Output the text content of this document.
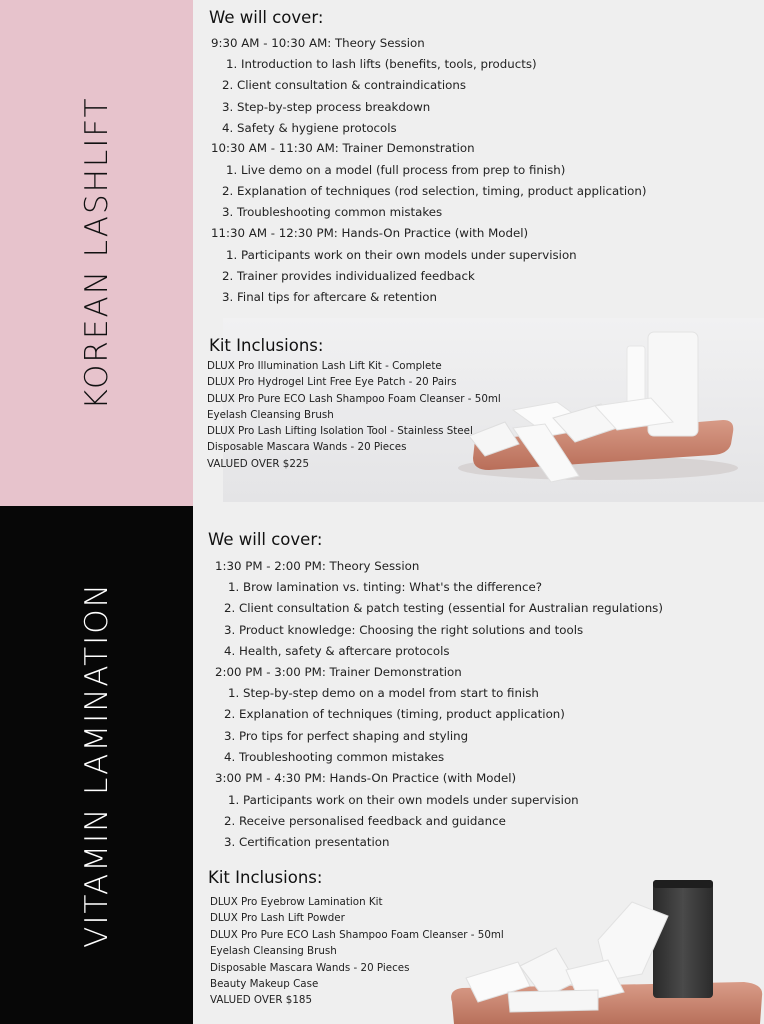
KOREAN LASHLIFT
VITAMIN LAMINATION
We will cover:
9:30 AM - 10:30 AM: Theory Session
1. Introduction to lash lifts (benefits, tools, products)
2. Client consultation & contraindications
3. Step-by-step process breakdown
4. Safety & hygiene protocols
10:30 AM - 11:30 AM: Trainer Demonstration
1. Live demo on a model (full process from prep to finish)
2. Explanation of techniques (rod selection, timing, product application)
3. Troubleshooting common mistakes
11:30 AM - 12:30 PM: Hands-On Practice (with Model)
1. Participants work on their own models under supervision
2. Trainer provides individualized feedback
3. Final tips for aftercare & retention
Kit Inclusions:
DLUX Pro Illumination Lash Lift Kit - Complete
DLUX Pro Hydrogel Lint Free Eye Patch - 20 Pairs
DLUX Pro Pure ECO Lash Shampoo Foam Cleanser - 50ml
Eyelash Cleansing Brush
DLUX Pro Lash Lifting Isolation Tool - Stainless Steel
Disposable Mascara Wands - 20 Pieces
VALUED OVER $225
We will cover:
1:30 PM - 2:00 PM: Theory Session
1. Brow lamination vs. tinting: What's the difference?
2. Client consultation & patch testing (essential for Australian regulations)
3. Product knowledge: Choosing the right solutions and tools
4. Health, safety & aftercare protocols
2:00 PM - 3:00 PM: Trainer Demonstration
1. Step-by-step demo on a model from start to finish
2. Explanation of techniques (timing, product application)
3. Pro tips for perfect shaping and styling
4. Troubleshooting common mistakes
3:00 PM - 4:30 PM: Hands-On Practice (with Model)
1. Participants work on their own models under supervision
2. Receive personalised feedback and guidance
3. Certification presentation
Kit Inclusions:
DLUX Pro Eyebrow Lamination Kit
DLUX Pro Lash Lift Powder
DLUX Pro Pure ECO Lash Shampoo Foam Cleanser - 50ml
Eyelash Cleansing Brush
Disposable Mascara Wands - 20 Pieces
Beauty Makeup Case
VALUED OVER $185
